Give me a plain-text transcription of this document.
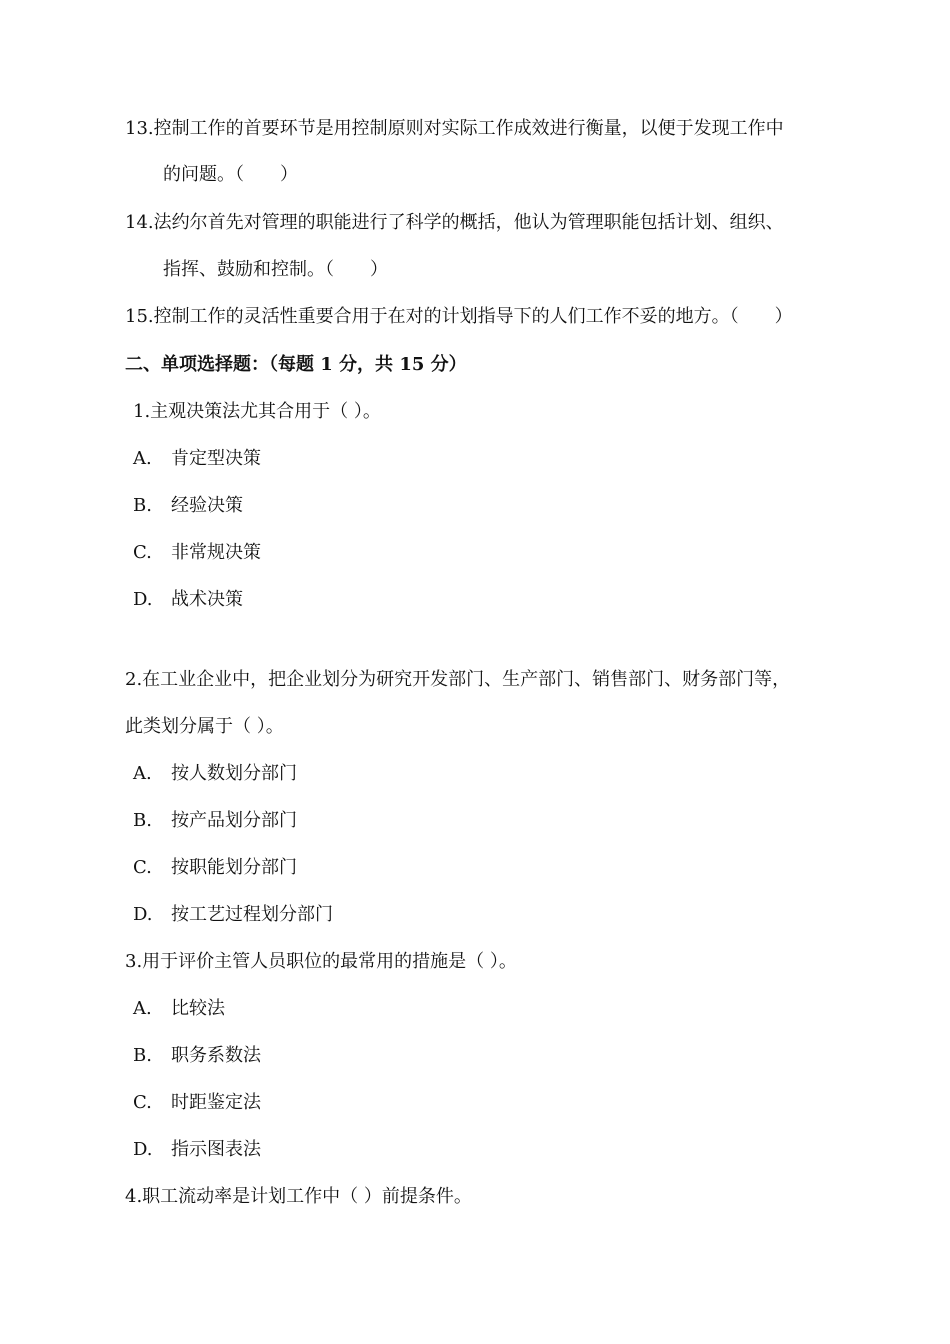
13.控制工作的首要环节是用控制原则对实际工作成效进行衡量，以便于发现工作中
的问题。（　　）
14.法约尔首先对管理的职能进行了科学的概括，他认为管理职能包括计划、组织、
指挥、鼓励和控制。（　　）
15.控制工作的灵活性重要合用于在对的计划指导下的人们工作不妥的地方。（　　）
二、单项选择题：（每题 1 分，共 15 分）
1.主观决策法尤其合用于（ ）。
A. 肯定型决策
B. 经验决策
C. 非常规决策
D. 战术决策
2.在工业企业中，把企业划分为研究开发部门、生产部门、销售部门、财务部门等，
此类划分属于（ ）。
A. 按人数划分部门
B. 按产品划分部门
C. 按职能划分部门
D. 按工艺过程划分部门
3.用于评价主管人员职位的最常用的措施是（ ）。
A. 比较法
B. 职务系数法
C. 时距鉴定法
D. 指示图表法
4.职工流动率是计划工作中（ ）前提条件。
